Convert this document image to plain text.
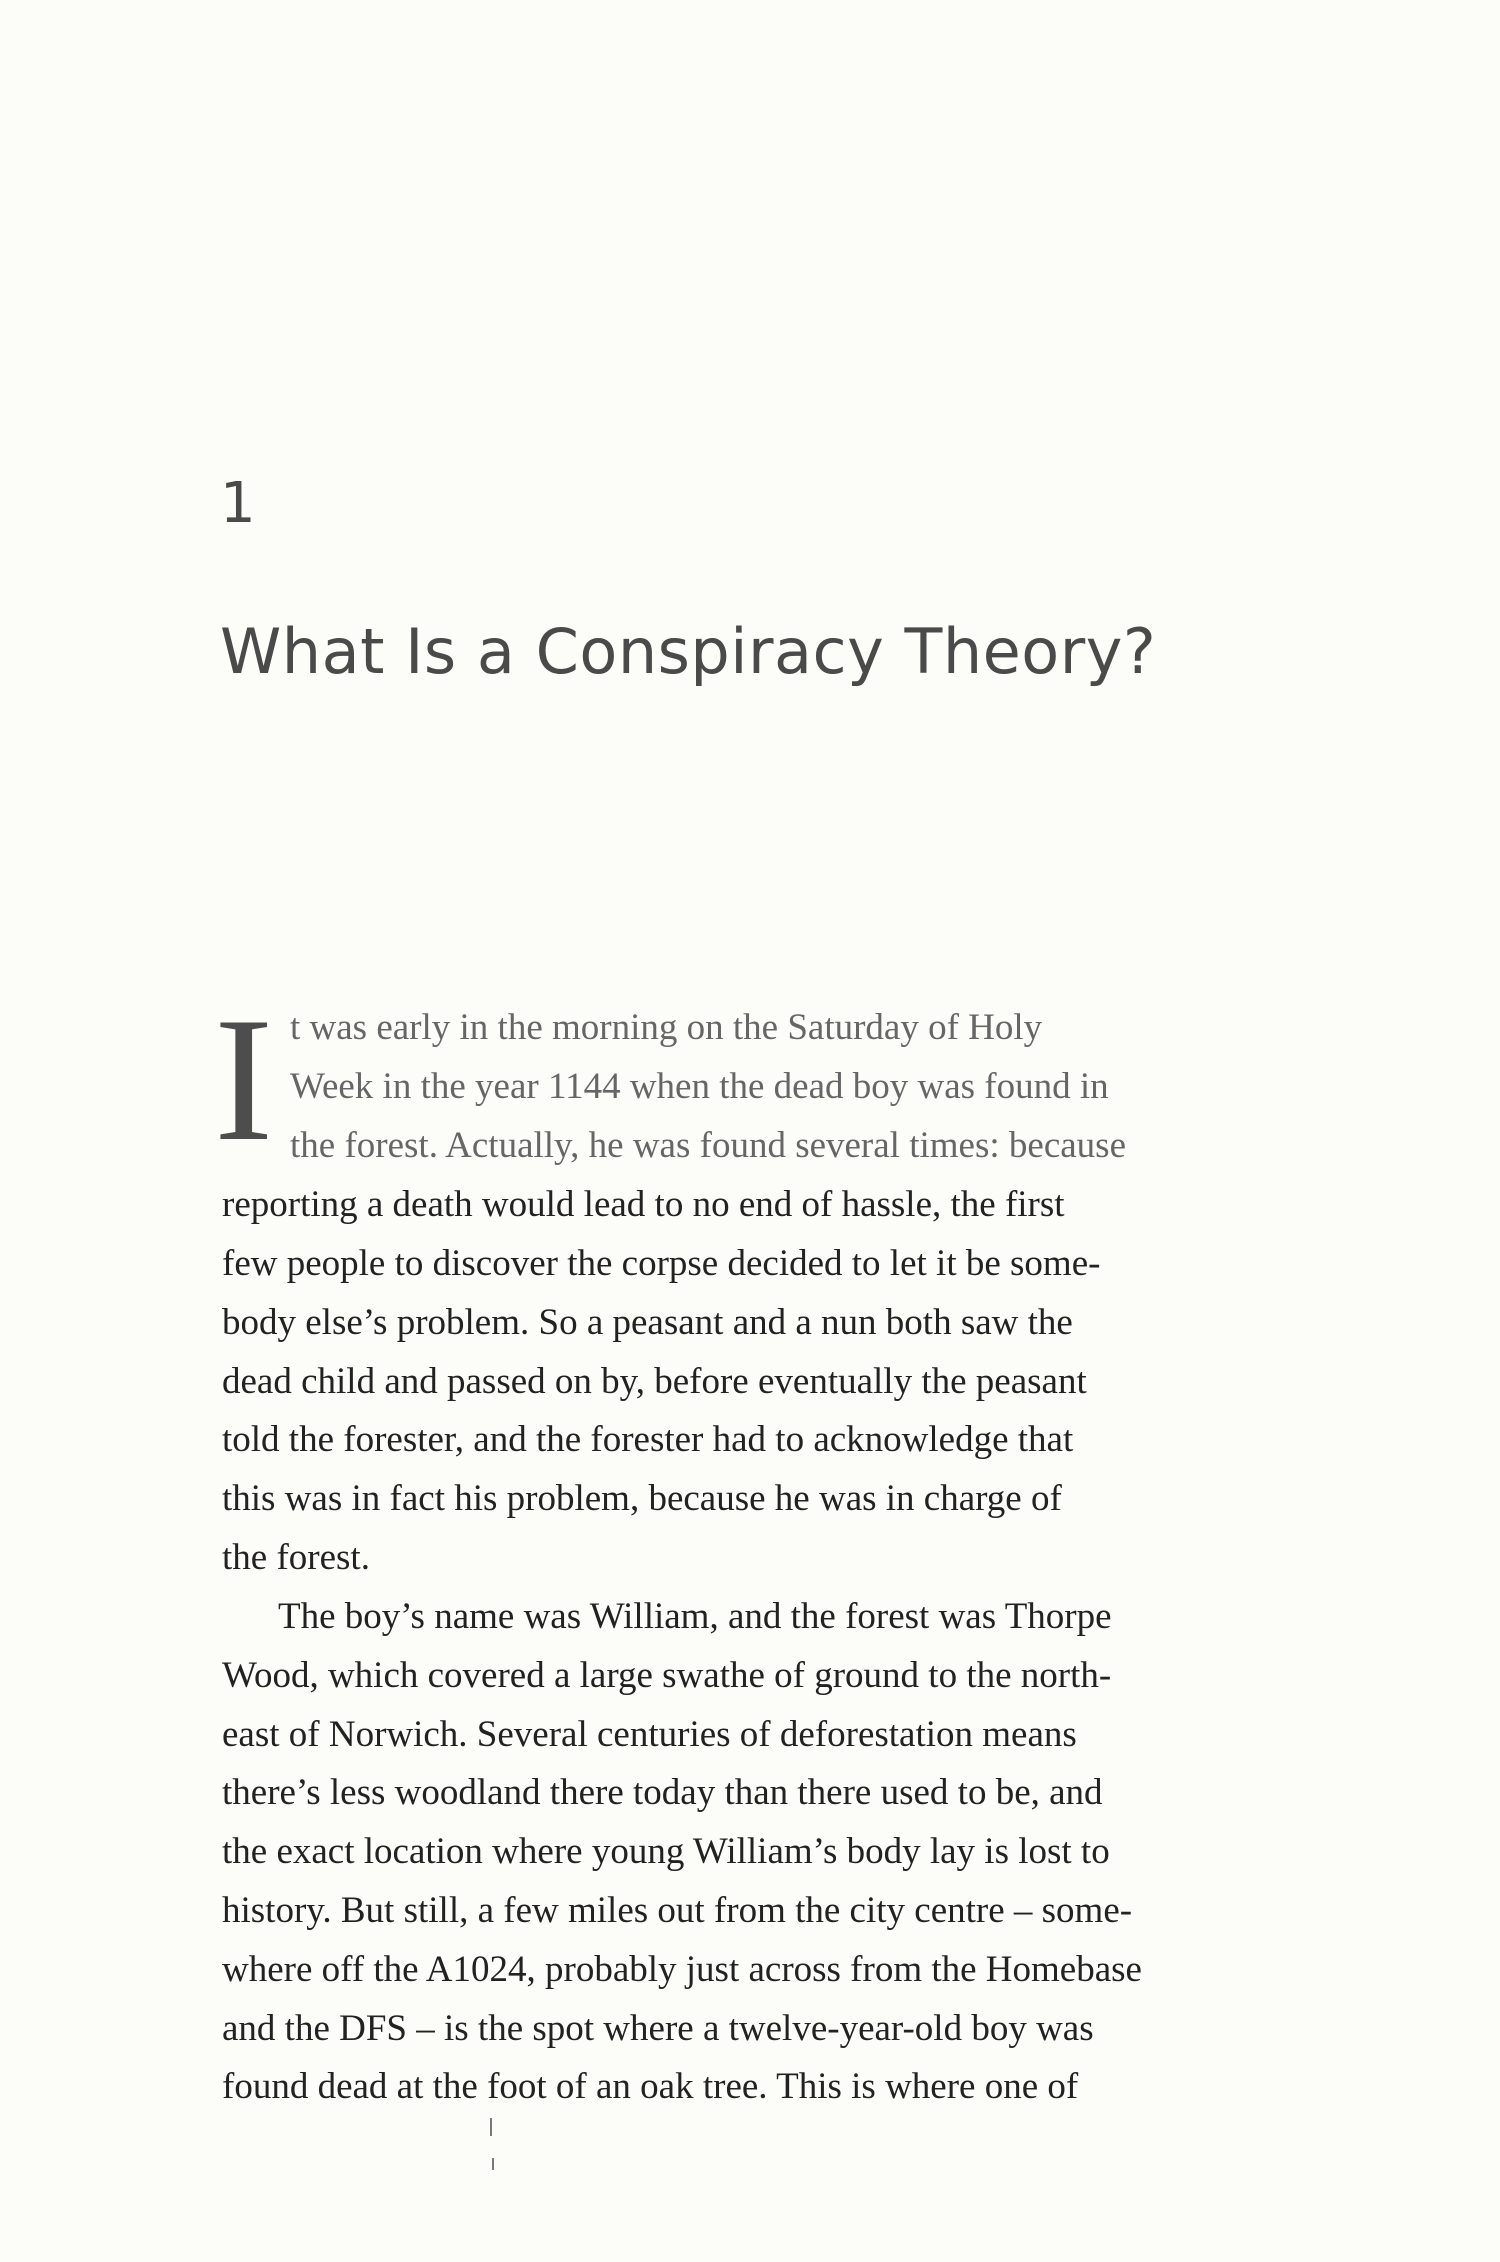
1
What Is a Conspiracy Theory?
I t was early in the morning on the Saturday of Holy
Week in the year 1144 when the dead boy was found in
the forest. Actually, he was found several times: because
reporting a death would lead to no end of hassle, the first
few people to discover the corpse decided to let it be some-
body else’s problem. So a peasant and a nun both saw the
dead child and passed on by, before eventually the peasant
told the forester, and the forester had to acknowledge that
this was in fact his problem, because he was in charge of
the forest.
The boy’s name was William, and the forest was Thorpe
Wood, which covered a large swathe of ground to the north-
east of Norwich. Several centuries of deforestation means
there’s less woodland there today than there used to be, and
the exact location where young William’s body lay is lost to
history. But still, a few miles out from the city centre – some-
where off the A1024, probably just across from the Homebase
and the DFS – is the spot where a twelve-year-old boy was
found dead at the foot of an oak tree. This is where one of
